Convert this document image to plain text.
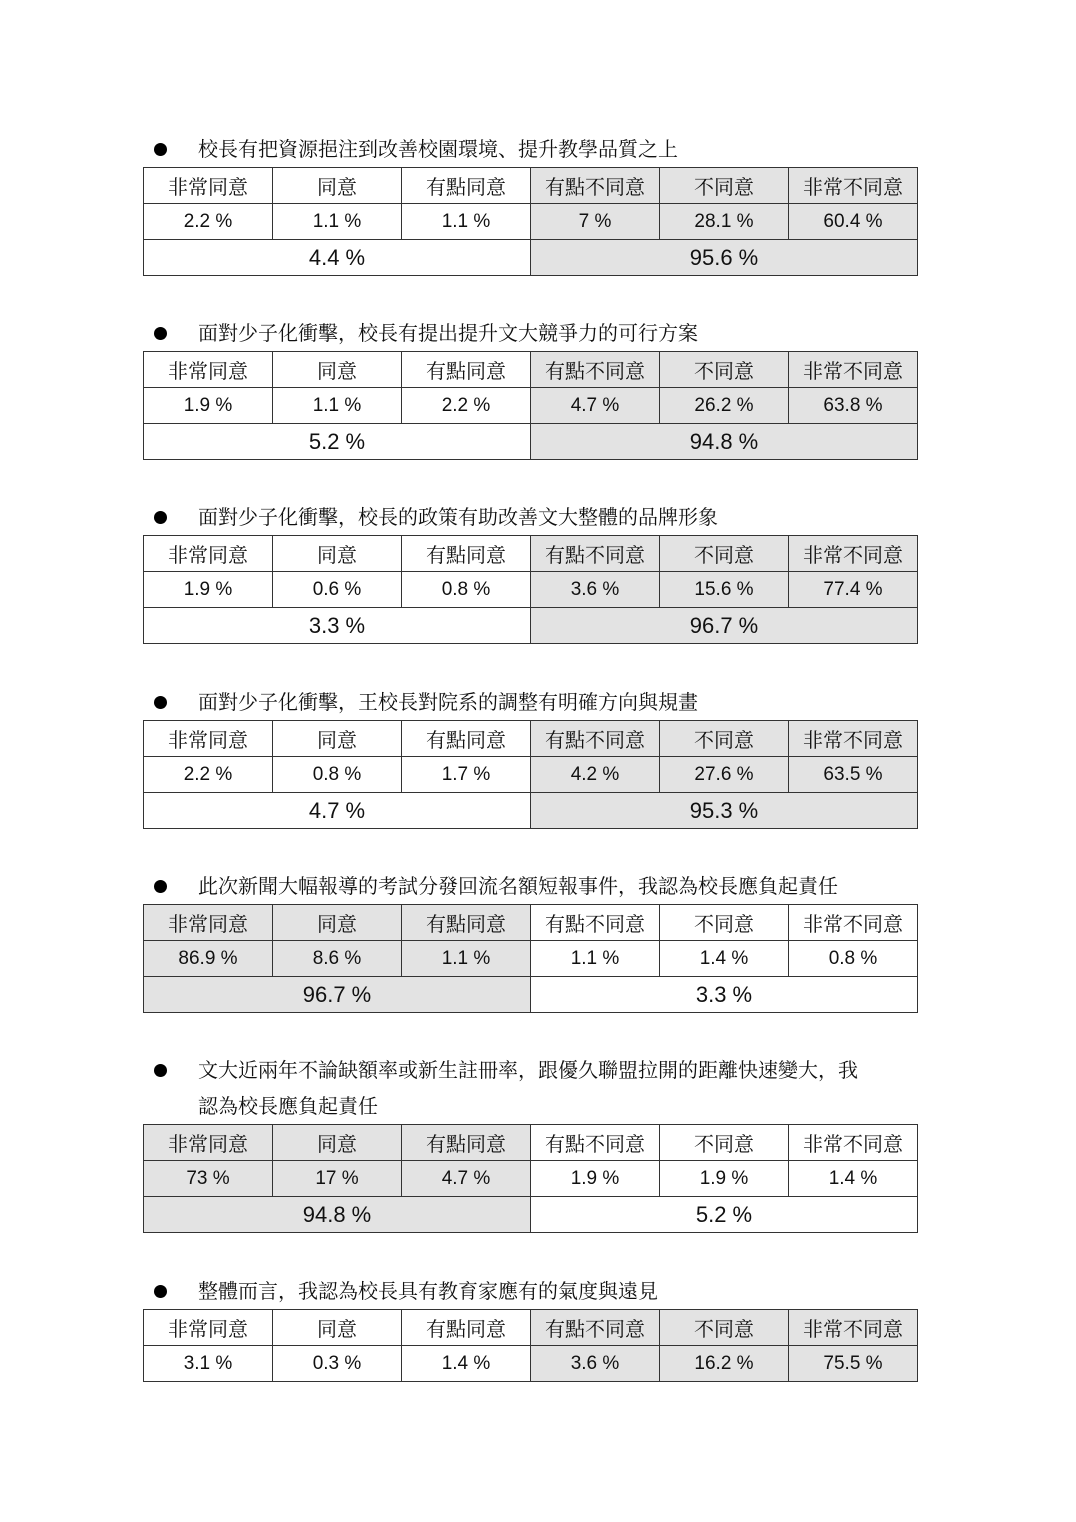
校長有把資源挹注到改善校園環境、提升教學品質之上
非常同意	同意	有點同意	有點不同意	不同意	非常不同意
2.2 %	1.1 %	1.1 %	7 %	28.1 %	60.4 %
4.4 %			95.6 %		
面對少子化衝擊，校長有提出提升文大競爭力的可行方案
非常同意	同意	有點同意	有點不同意	不同意	非常不同意
1.9 %	1.1 %	2.2 %	4.7 %	26.2 %	63.8 %
5.2 %			94.8 %		
面對少子化衝擊，校長的政策有助改善文大整體的品牌形象
非常同意	同意	有點同意	有點不同意	不同意	非常不同意
1.9 %	0.6 %	0.8 %	3.6 %	15.6 %	77.4 %
3.3 %			96.7 %		
面對少子化衝擊，王校長對院系的調整有明確方向與規畫
非常同意	同意	有點同意	有點不同意	不同意	非常不同意
2.2 %	0.8 %	1.7 %	4.2 %	27.6 %	63.5 %
4.7 %			95.3 %		
此次新聞大幅報導的考試分發回流名額短報事件，我認為校長應負起責任
非常同意	同意	有點同意	有點不同意	不同意	非常不同意
86.9 %	8.6 %	1.1 %	1.1 %	1.4 %	0.8 %
96.7 %			3.3 %		
文大近兩年不論缺額率或新生註冊率，跟優久聯盟拉開的距離快速變大，我
認為校長應負起責任
非常同意	同意	有點同意	有點不同意	不同意	非常不同意
73 %	17 %	4.7 %	1.9 %	1.9 %	1.4 %
94.8 %			5.2 %		
整體而言，我認為校長具有教育家應有的氣度與遠見
非常同意	同意	有點同意	有點不同意	不同意	非常不同意
3.1 %	0.3 %	1.4 %	3.6 %	16.2 %	75.5 %
